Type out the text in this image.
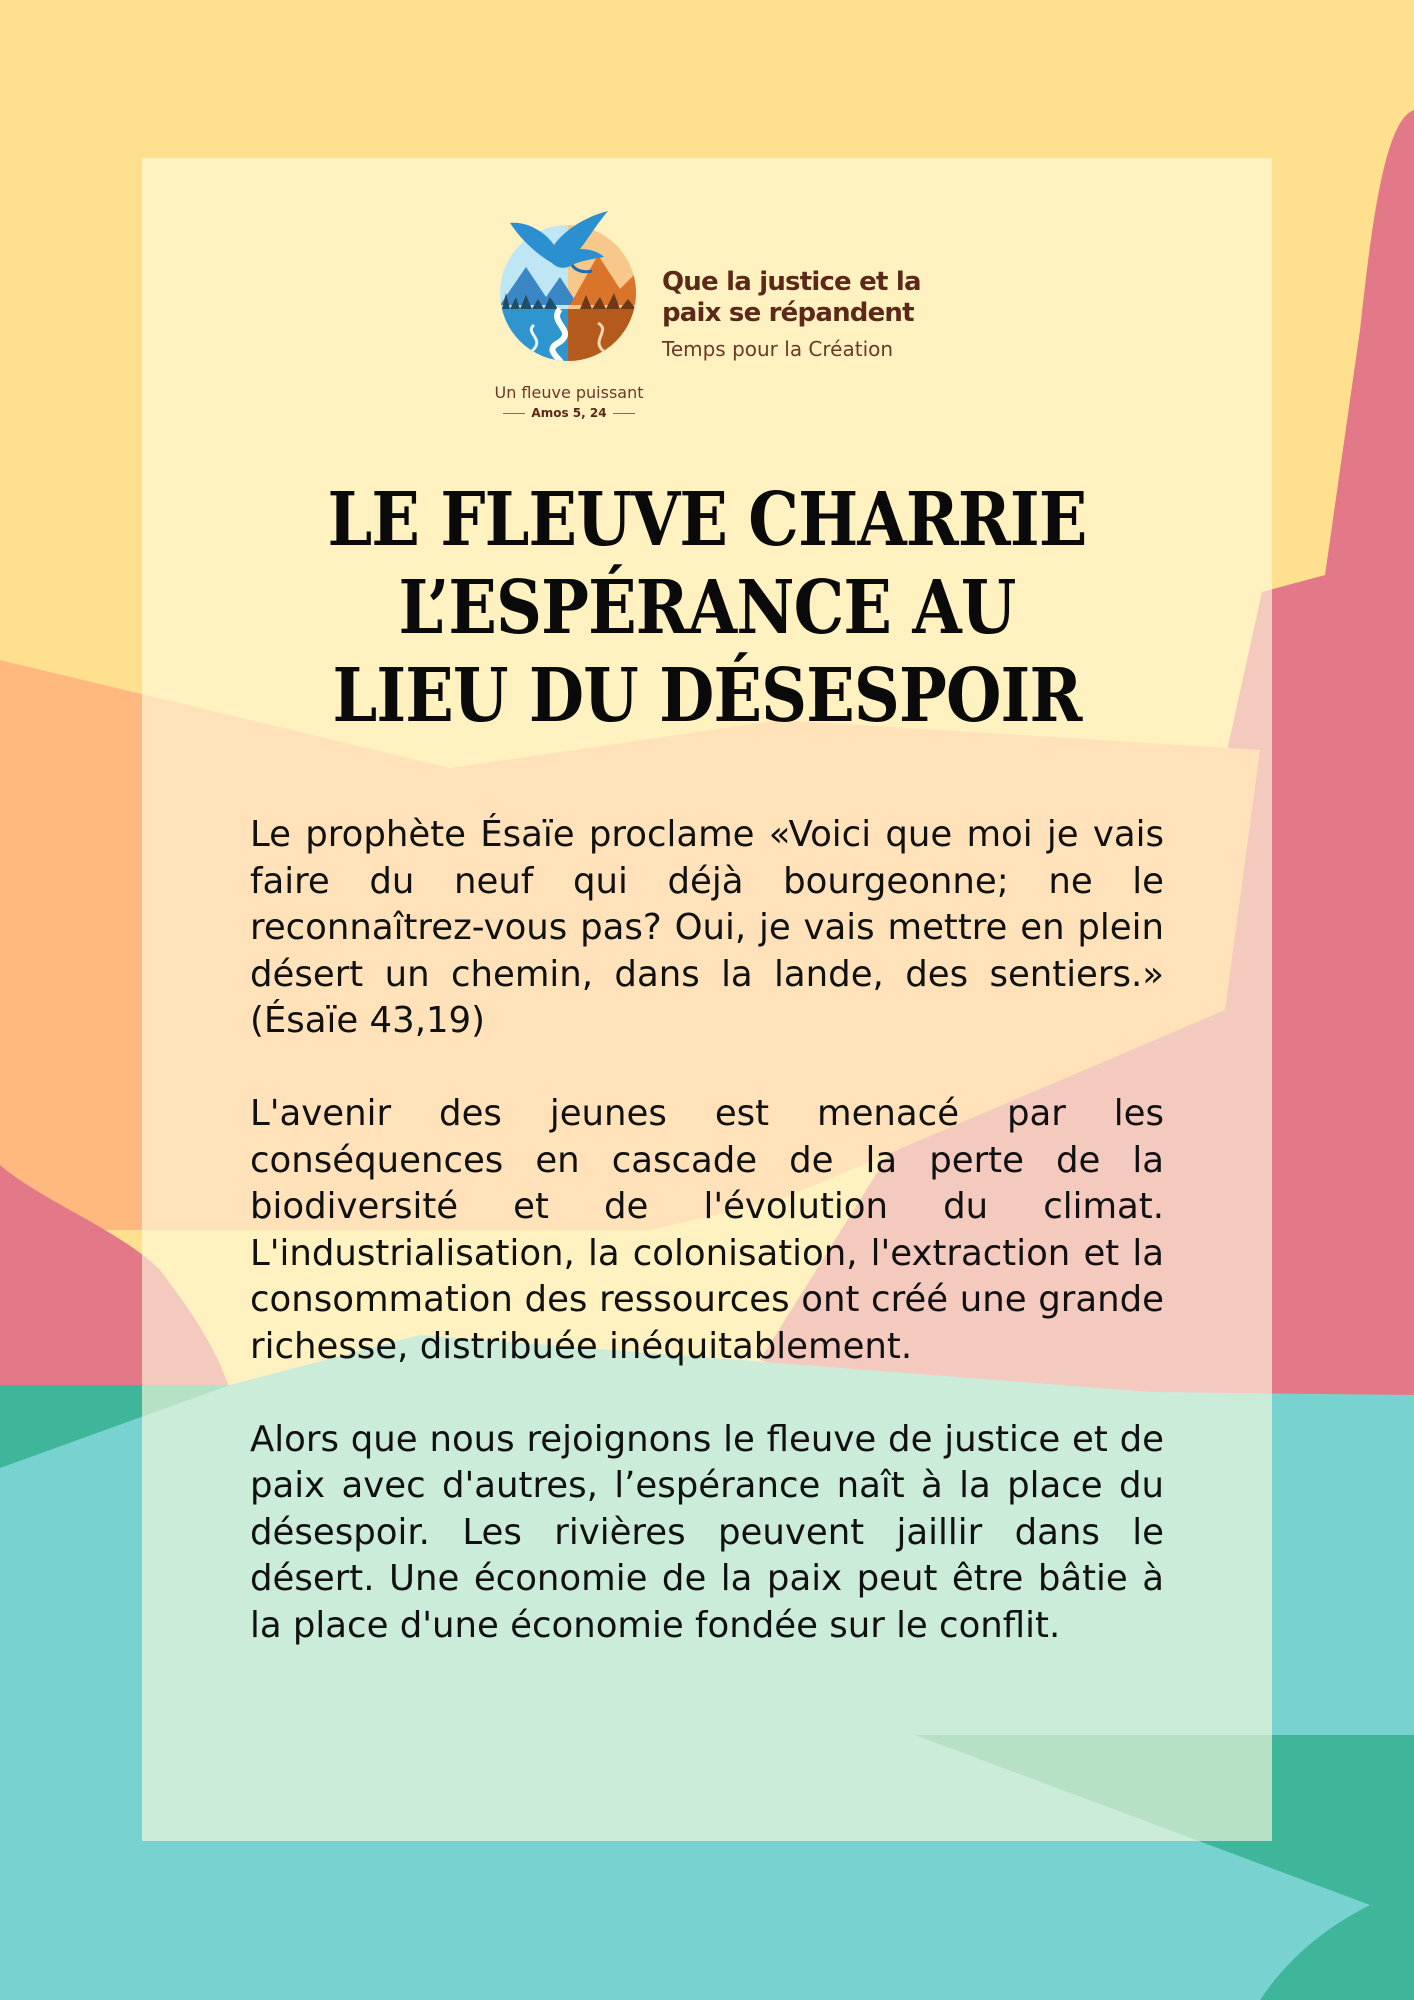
Que la justice et la paix se répandent
Temps pour la Création
Un fleuve puissant
Amos 5, 24
LE FLEUVE CHARRIE
L’ESPÉRANCE AU
LIEU DU DÉSESPOIR

Le prophète Ésaïe proclame «Voici que moi je vais faire du neuf qui déjà bourgeonne; ne le reconnaîtrez-vous pas? Oui, je vais mettre en plein désert un chemin, dans la lande, des sentiers.» (Ésaïe 43,19)

L'avenir des jeunes est menacé par les conséquences en cascade de la perte de la biodiversité et de l'évolution du climat. L'industrialisation, la colonisation, l'extraction et la consommation des ressources ont créé une grande richesse, distribuée inéquitablement.

Alors que nous rejoignons le fleuve de justice et de paix avec d'autres, l’espérance naît à la place du désespoir. Les rivières peuvent jaillir dans le désert. Une économie de la paix peut être bâtie à la place d'une économie fondée sur le conflit.
